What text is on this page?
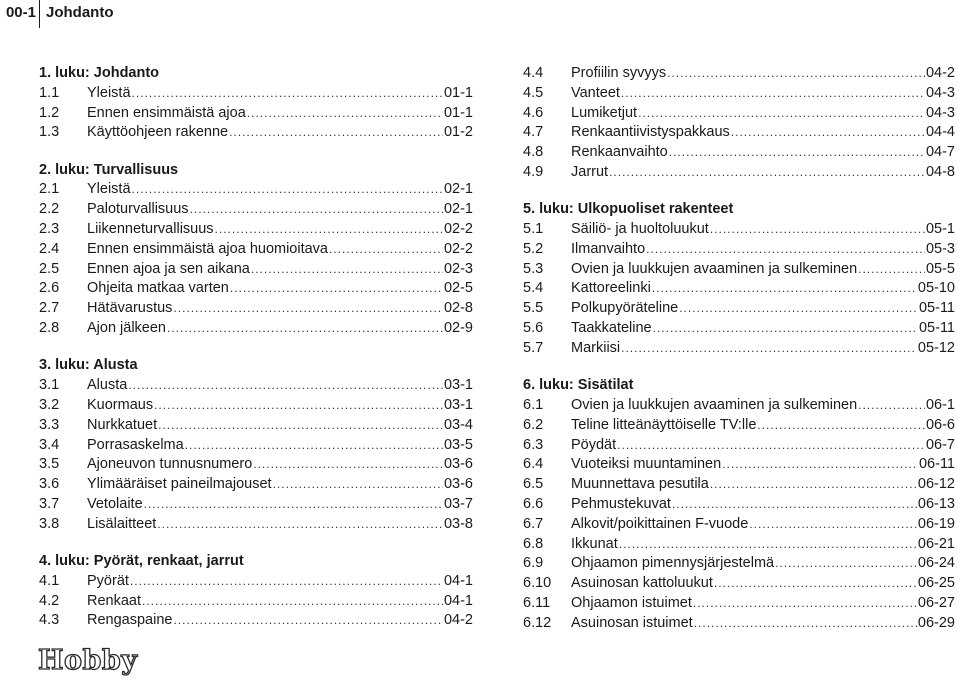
00-1 Johdanto
1. luku: Johdanto
1.1	Yleistä .....	01-1
1.2	Ennen ensimmäistä ajoa .....	01-1
1.3	Käyttöohjeen rakenne .....	01-2
2. luku: Turvallisuus
2.1	Yleistä .....	02-1
2.2	Paloturvallisuus .....	02-1
2.3	Liikenneturvallisuus .....	02-2
2.4	Ennen ensimmäistä ajoa huomioitava .....	02-2
2.5	Ennen ajoa ja sen aikana .....	02-3
2.6	Ohjeita matkaa varten .....	02-5
2.7	Hätävarustus .....	02-8
2.8	Ajon jälkeen .....	02-9
3. luku: Alusta
3.1	Alusta .....	03-1
3.2	Kuormaus .....	03-1
3.3	Nurkkatuet .....	03-4
3.4	Porrasaskelma .....	03-5
3.5	Ajoneuvon tunnusnumero .....	03-6
3.6	Ylimääräiset paineilmajouset .....	03-6
3.7	Vetolaite .....	03-7
3.8	Lisälaitteet .....	03-8
4. luku: Pyörät, renkaat, jarrut
4.1	Pyörät .....	04-1
4.2	Renkaat .....	04-1
4.3	Rengaspaine .....	04-2
4.4	Profiilin syvyys .....	04-2
4.5	Vanteet .....	04-3
4.6	Lumiketjut .....	04-3
4.7	Renkaantiivistyspakkaus .....	04-4
4.8	Renkaanvaihto .....	04-7
4.9	Jarrut .....	04-8
5. luku: Ulkopuoliset rakenteet
5.1	Säiliö- ja huoltoluukut .....	05-1
5.2	Ilmanvaihto .....	05-3
5.3	Ovien ja luukkujen avaaminen ja sulkeminen .....	05-5
5.4	Kattoreelinki .....	05-10
5.5	Polkupyöräteline .....	05-11
5.6	Taakkateline .....	05-11
5.7	Markiisi .....	05-12
6. luku: Sisätilat
6.1	Ovien ja luukkujen avaaminen ja sulkeminen .....	06-1
6.2	Teline litteänäyttöiselle TV:lle .....	06-6
6.3	Pöydät .....	06-7
6.4	Vuoteiksi muuntaminen .....	06-11
6.5	Muunnettava pesutila .....	06-12
6.6	Pehmustekuvat .....	06-13
6.7	Alkovit/poikittainen F-vuode .....	06-19
6.8	Ikkunat .....	06-21
6.9	Ohjaamon pimennysjärjestelmä .....	06-24
6.10	Asuinosan kattoluukut .....	06-25
6.11	Ohjaamon istuimet .....	06-27
6.12	Asuinosan istuimet .....	06-29
Hobby
